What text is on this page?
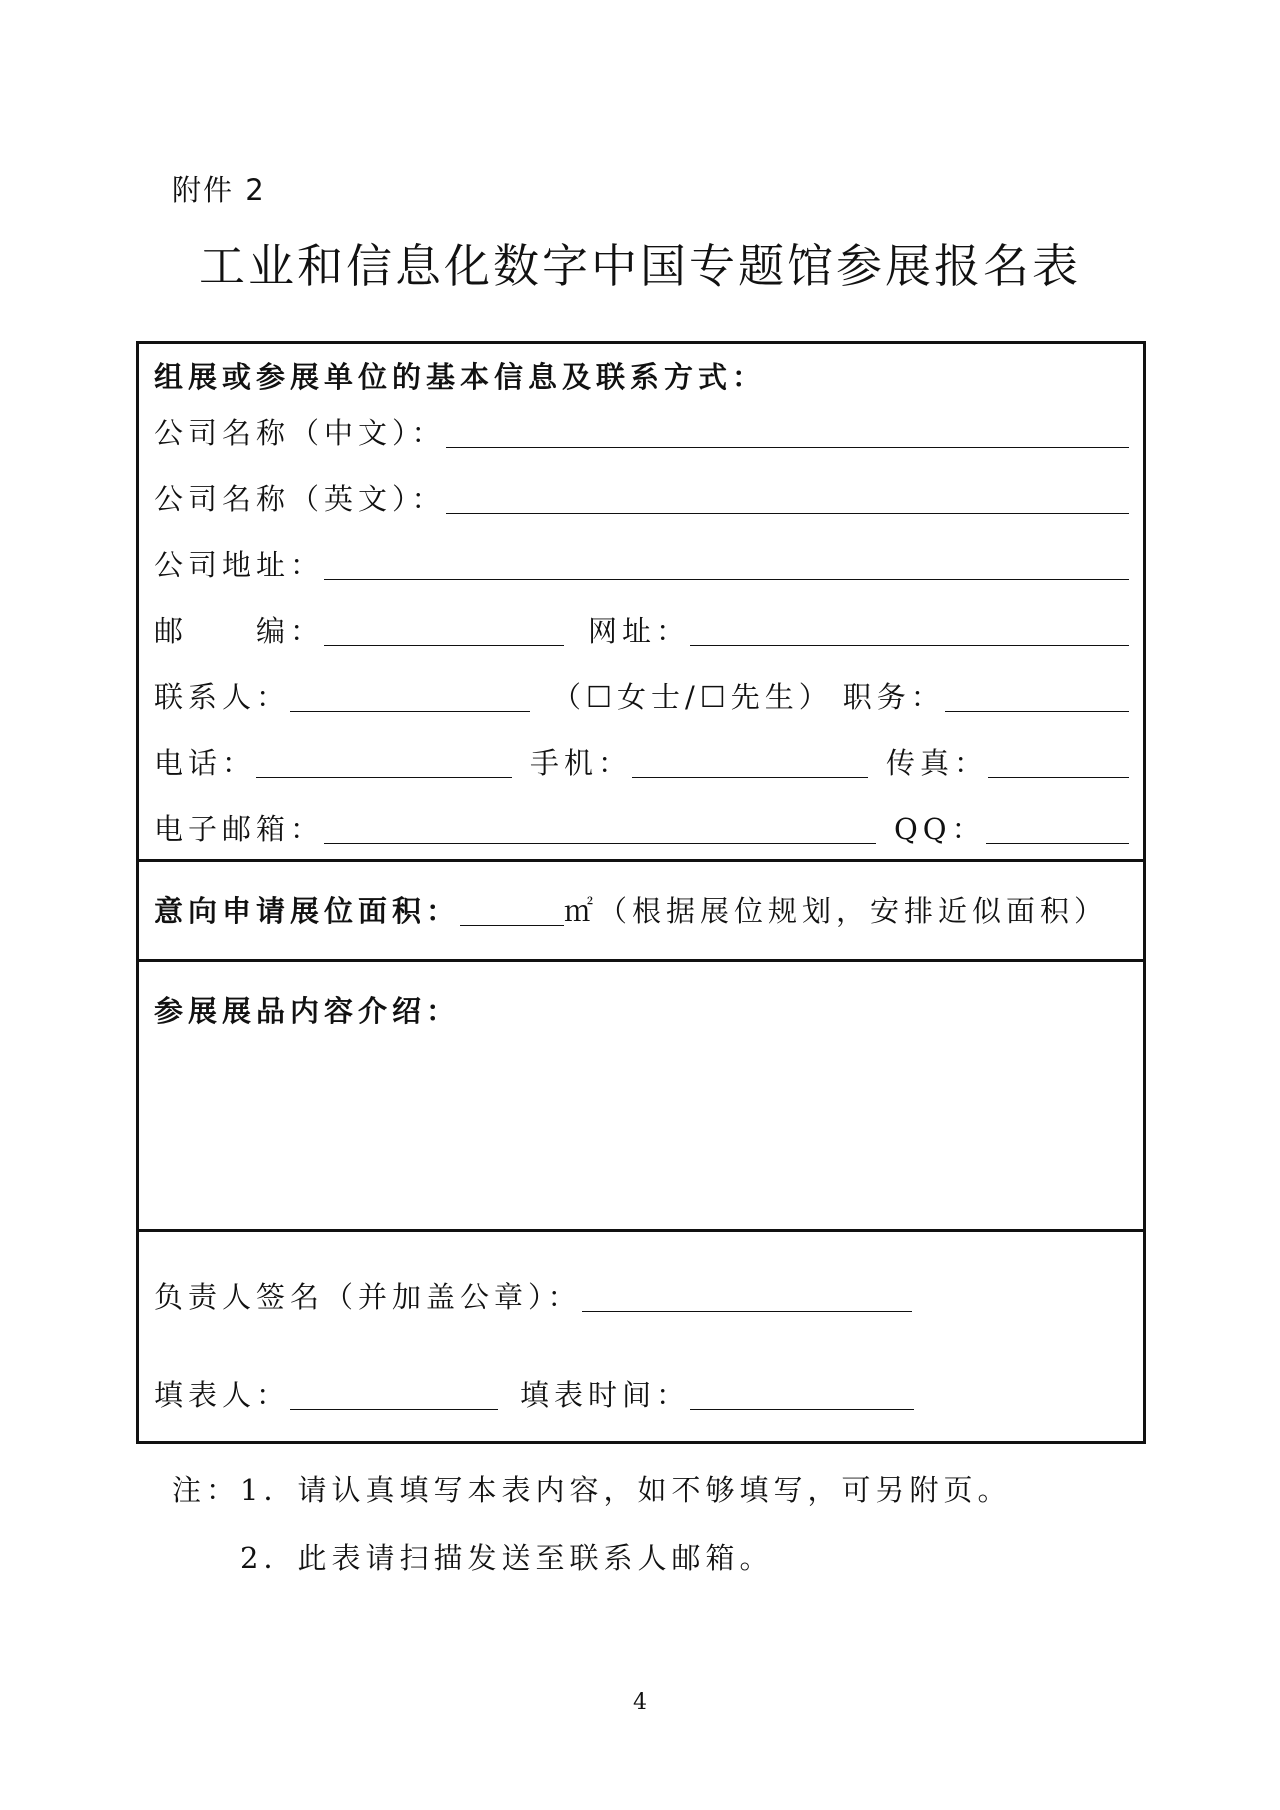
附件 2
工业和信息化数字中国专题馆参展报名表
组展或参展单位的基本信息及联系方式：
公司名称（中文）：
公司名称（英文）：
公司地址：
邮　　编：	网址：
联系人：	（☐女士/☐先生） 职务：
电话：	手机：	传真：
电子邮箱：	QQ：
意向申请展位面积：	㎡（根据展位规划，安排近似面积）
参展展品内容介绍：
负责人签名（并加盖公章）：
填表人：	填表时间：
注：1．请认真填写本表内容，如不够填写，可另附页。
2．此表请扫描发送至联系人邮箱。
4
